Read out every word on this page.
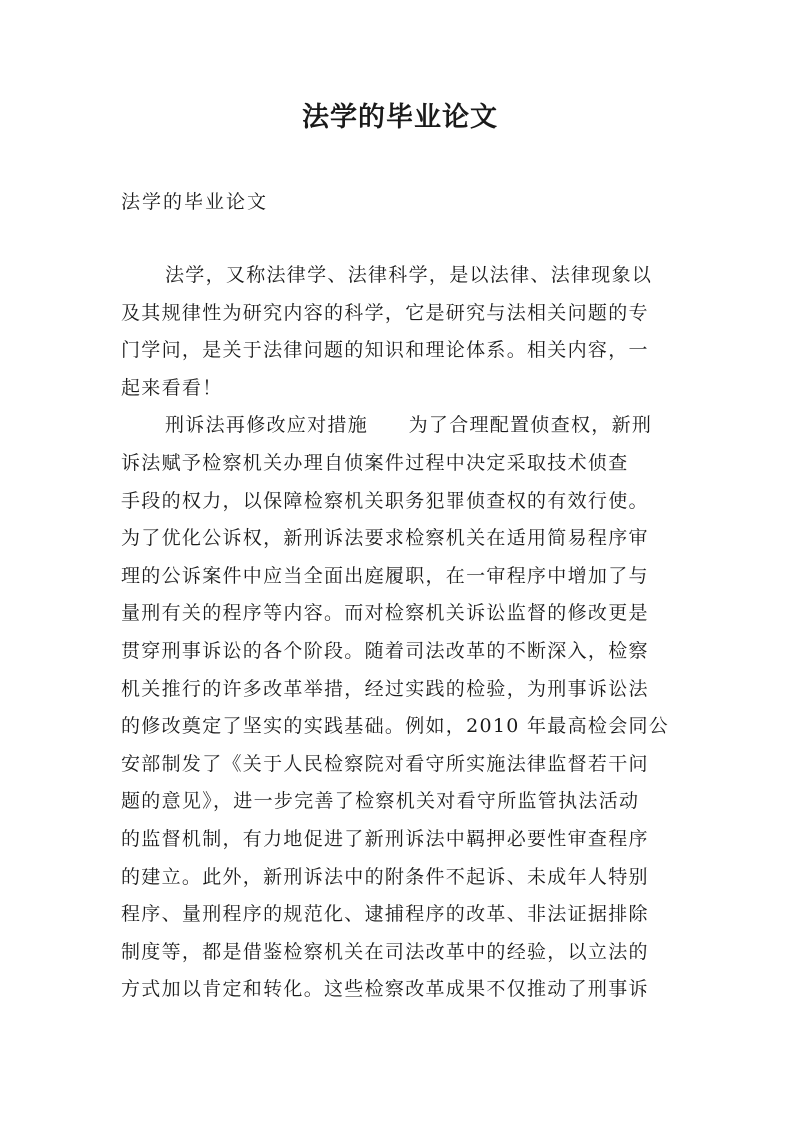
法学的毕业论文
法学的毕业论文
法学，又称法律学、法律科学，是以法律、法律现象以
及其规律性为研究内容的科学，它是研究与法相关问题的专
门学问，是关于法律问题的知识和理论体系。相关内容，一
起来看看！
刑诉法再修改应对措施　　为了合理配置侦查权，新刑
诉法赋予检察机关办理自侦案件过程中决定采取技术侦查
手段的权力，以保障检察机关职务犯罪侦查权的有效行使。
为了优化公诉权，新刑诉法要求检察机关在适用简易程序审
理的公诉案件中应当全面出庭履职，在一审程序中增加了与
量刑有关的程序等内容。而对检察机关诉讼监督的修改更是
贯穿刑事诉讼的各个阶段。随着司法改革的不断深入，检察
机关推行的许多改革举措，经过实践的检验，为刑事诉讼法
的修改奠定了坚实的实践基础。例如，2010 年最高检会同公
安部制发了《关于人民检察院对看守所实施法律监督若干问
题的意见》，进一步完善了检察机关对看守所监管执法活动
的监督机制，有力地促进了新刑诉法中羁押必要性审查程序
的建立。此外，新刑诉法中的附条件不起诉、未成年人特别
程序、量刑程序的规范化、逮捕程序的改革、非法证据排除
制度等，都是借鉴检察机关在司法改革中的经验，以立法的
方式加以肯定和转化。这些检察改革成果不仅推动了刑事诉
